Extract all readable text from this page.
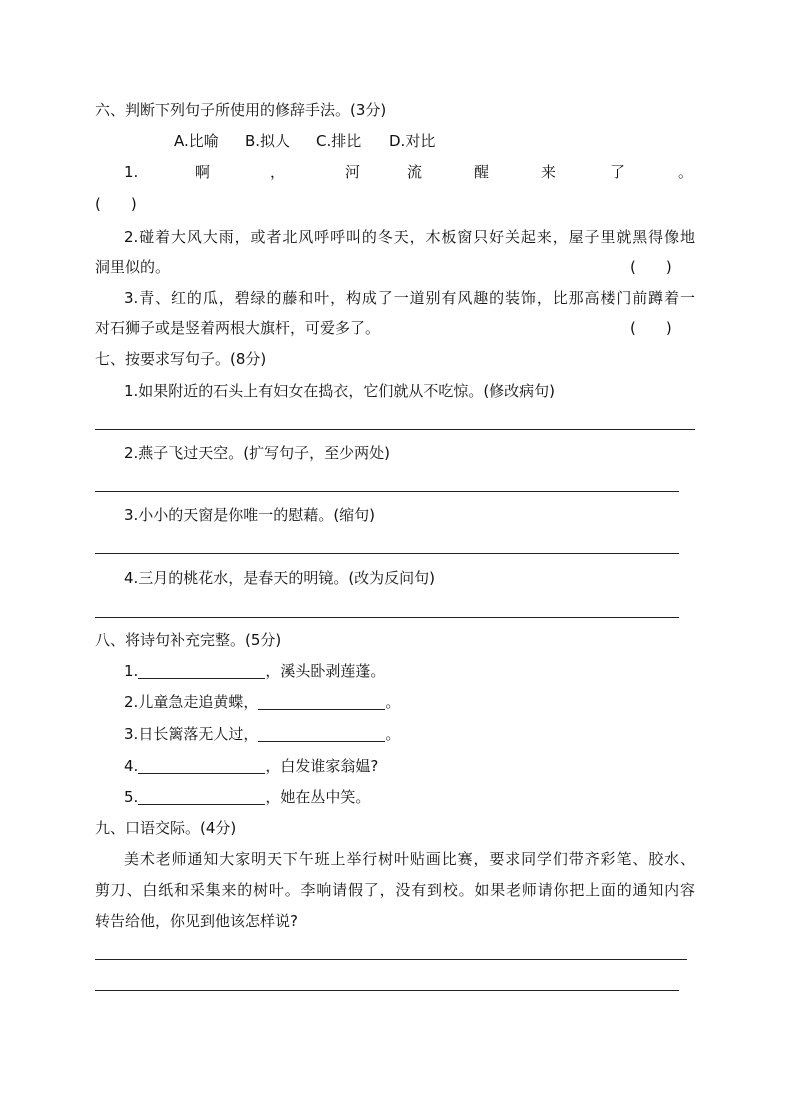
六、判断下列句子所使用的修辞手法。(3分)
A.比喻 B.拟人 C.排比 D.对比
1.	啊	，	河	流	醒	来	了	。
(　　)
2.碰着大风大雨，或者北风呼呼叫的冬天，木板窗只好关起来，屋子里就黑得像地
洞里似的。	(　　)
3.青、红的瓜，碧绿的藤和叶，构成了一道别有风趣的装饰，比那高楼门前蹲着一
对石狮子或是竖着两根大旗杆，可爱多了。	(　　)
七、按要求写句子。(8分)
1.如果附近的石头上有妇女在捣衣，它们就从不吃惊。(修改病句)
2.燕子飞过天空。(扩写句子，至少两处)
3.小小的天窗是你唯一的慰藉。(缩句)
4.三月的桃花水，是春天的明镜。(改为反问句)
八、将诗句补充完整。(5分)
1.	，溪头卧剥莲蓬。
2.儿童急走追黄蝶，	。
3.日长篱落无人过，	。
4.	，白发谁家翁媪?
5.	，她在丛中笑。
九、口语交际。(4分)
美术老师通知大家明天下午班上举行树叶贴画比赛，要求同学们带齐彩笔、胶水、
剪刀、白纸和采集来的树叶。李响请假了，没有到校。如果老师请你把上面的通知内容
转告给他，你见到他该怎样说?
